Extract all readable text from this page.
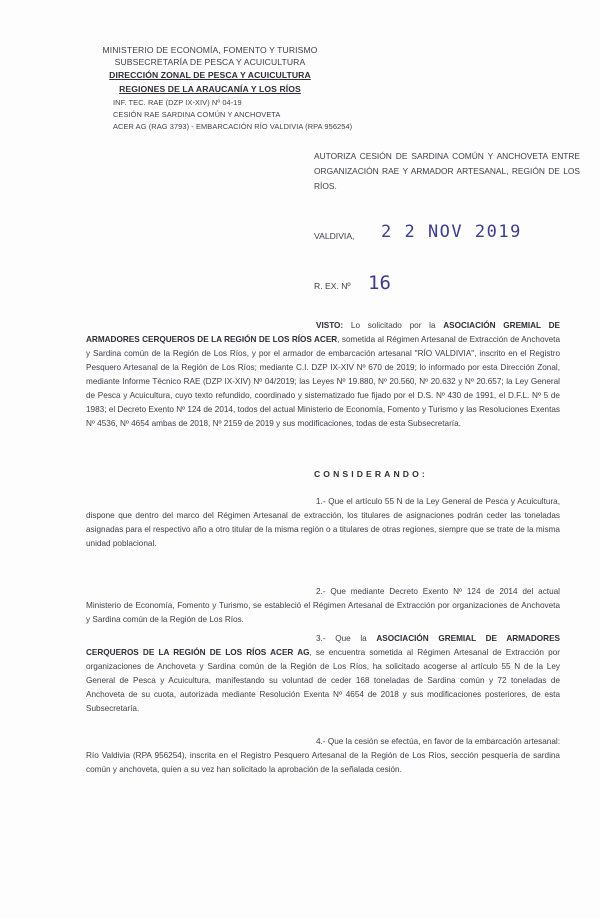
MINISTERIO DE ECONOMÍA, FOMENTO Y TURISMO
SUBSECRETARÍA DE PESCA Y ACUICULTURA
DIRECCIÓN ZONAL DE PESCA Y ACUICULTURA
REGIONES DE LA ARAUCANÍA Y LOS RÍOS
INF. TEC. RAE (DZP IX-XIV) Nº 04-19
CESIÓN RAE SARDINA COMÚN Y ANCHOVETA
ACER AG (RAG 3793) - EMBARCACIÓN RÍO VALDIVIA (RPA 956254)
AUTORIZA CESIÓN DE SARDINA COMÚN Y ANCHOVETA ENTRE ORGANIZACIÓN RAE Y ARMADOR ARTESANAL, REGIÓN DE LOS RÍOS.
VALDIVIA, 2 2 NOV 2019
R. EX. Nº 16
VISTO: Lo solicitado por la ASOCIACIÓN GREMIAL DE ARMADORES CERQUEROS DE LA REGIÓN DE LOS RÍOS ACER, sometida al Régimen Artesanal de Extracción de Anchoveta y Sardina común de la Región de Los Ríos, y por el armador de embarcación artesanal "RÍO VALDIVIA", inscrito en el Registro Pesquero Artesanal de la Región de Los Ríos; mediante C.I. DZP IX-XIV Nº 670 de 2019; lo informado por esta Dirección Zonal, mediante Informe Técnico RAE (DZP IX-XIV) Nº 04/2019; las Leyes Nº 19.880, Nº 20.560, Nº 20.632 y Nº 20.657; la Ley General de Pesca y Acuicultura, cuyo texto refundido, coordinado y sistematizado fue fijado por el D.S. Nº 430 de 1991, el D.F.L. Nº 5 de 1983; el Decreto Exento Nº 124 de 2014, todos del actual Ministerio de Economía, Fomento y Turismo y las Resoluciones Exentas Nº 4536, Nº 4654 ambas de 2018, Nº 2159 de 2019 y sus modificaciones, todas de esta Subsecretaría.
CONSIDERANDO:
1.- Que el artículo 55 N de la Ley General de Pesca y Acuicultura, dispone que dentro del marco del Régimen Artesanal de extracción, los titulares de asignaciones podrán ceder las toneladas asignadas para el respectivo año a otro titular de la misma región o a titulares de otras regiones, siempre que se trate de la misma unidad poblacional.
2.- Que mediante Decreto Exento Nº 124 de 2014 del actual Ministerio de Economía, Fomento y Turismo, se estableció el Régimen Artesanal de Extracción por organizaciones de Anchoveta y Sardina común de la Región de Los Ríos.
3.- Que la ASOCIACIÓN GREMIAL DE ARMADORES CERQUEROS DE LA REGIÓN DE LOS RÍOS ACER AG, se encuentra sometida al Régimen Artesanal de Extracción por organizaciones de Anchoveta y Sardina común de la Región de Los Ríos, ha solicitado acogerse al artículo 55 N de la Ley General de Pesca y Acuicultura, manifestando su voluntad de ceder 168 toneladas de Sardina común y 72 toneladas de Anchoveta de su cuota, autorizada mediante Resolución Exenta Nº 4654 de 2018 y sus modificaciones posteriores, de esta Subsecretaría.
4.- Que la cesión se efectúa, en favor de la embarcación artesanal: Río Valdivia (RPA 956254), inscrita en el Registro Pesquero Artesanal de la Región de Los Ríos, sección pesquería de sardina común y anchoveta, quien a su vez han solicitado la aprobación de la señalada cesión.
